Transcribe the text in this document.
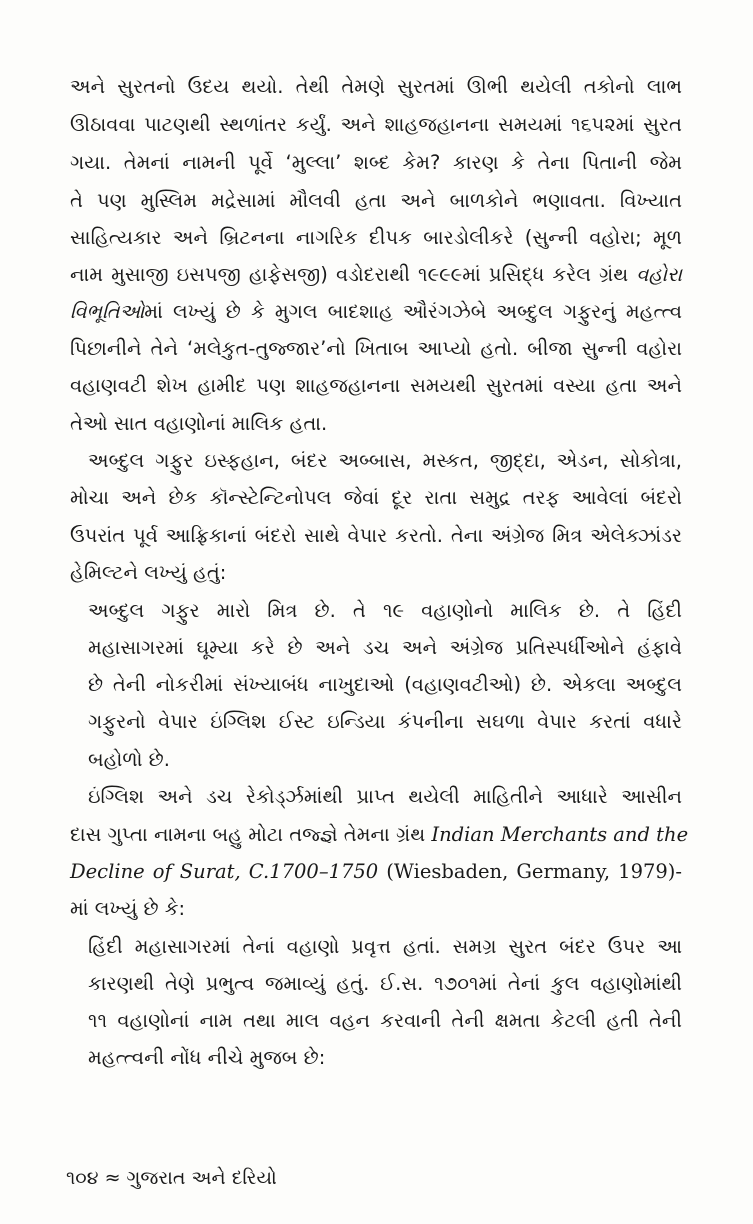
અને સુરતનો ઉદય થયો. તેથી તેમણે સુરતમાં ઊભી થયેલી તકોનો લાભ
ઊઠાવવા પાટણથી સ્થળાંતર કર્યું. અને શાહજહાનના સમયમાં ૧૬૫૨માં સુરત
ગયા. તેમનાં નામની પૂર્વે ‘મુલ્લા’ શબ્દ કેમ? કારણ કે તેના પિતાની જેમ
તે પણ મુસ્લિમ મદ્રેસામાં મૌલવી હતા અને બાળકોને ભણાવતા. વિખ્યાત
સાહિત્યકાર અને બ્રિટનના નાગરિક દીપક બારડોલીકરે (સુન્ની વહોરા; મૂળ
નામ મુસાજી ઇસપજી હાફેસજી) વડોદરાથી ૧૯૯૯માં પ્રસિદ્ધ કરેલ ગ્રંથ વહોરા
વિભૂતિઓમાં લખ્યું છે કે મુગલ બાદશાહ ઔરંગઝેબે અબ્દુલ ગફુરનું મહત્ત્વ
પિછાનીને તેને ‘મલેકુત-તુજ્જાર’નો ખિતાબ આપ્યો હતો. બીજા સુન્ની વહોરા
વહાણવટી શેખ હામીદ પણ શાહજહાનના સમયથી સુરતમાં વસ્યા હતા અને
તેઓ સાત વહાણોનાં માલિક હતા.
અબ્દુલ ગફુર ઇસ્ફહાન, બંદર અબ્બાસ, મસ્કત, જીદ્દા, એડન, સોકોત્રા,
મોચા અને છેક કૉન્સ્ટેન્ટિનોપલ જેવાં દૂર રાતા સમુદ્ર તરફ આવેલાં બંદરો
ઉપરાંત પૂર્વ આફ્રિકાનાં બંદરો સાથે વેપાર કરતો. તેના અંગ્રેજ મિત્ર એલેક્ઝાંડર
હેમિલ્ટને લખ્યું હતું:
અબ્દુલ ગફુર મારો મિત્ર છે. તે ૧૯ વહાણોનો માલિક છે. તે હિંદી
મહાસાગરમાં ઘૂમ્યા કરે છે અને ડચ અને અંગ્રેજ પ્રતિસ્પર્ધીઓને હંફાવે
છે તેની નોકરીમાં સંખ્યાબંધ નાખુદાઓ (વહાણવટીઓ) છે. એકલા અબ્દુલ
ગફુરનો વેપાર ઇંગ્લિશ ઈસ્ટ ઇન્ડિયા કંપનીના સઘળા વેપાર કરતાં વધારે
બહોળો છે.
ઇંગ્લિશ અને ડચ રેકોર્ડ્ઝમાંથી પ્રાપ્ત થયેલી માહિતીને આધારે આસીન
દાસ ગુપ્તા નામના બહુ મોટા તજ્જ્ઞે તેમના ગ્રંથ Indian Merchants and the
Decline of Surat, C.1700–1750 (Wiesbaden, Germany, 1979)-
માં લખ્યું છે કે:
હિંદી મહાસાગરમાં તેનાં વહાણો પ્રવૃત્ત હતાં. સમગ્ર સુરત બંદર ઉપર આ
કારણથી તેણે પ્રભુત્વ જમાવ્યું હતું. ઈ.સ. ૧૭૦૧માં તેનાં કુલ વહાણોમાંથી
૧૧ વહાણોનાં નામ તથા માલ વહન કરવાની તેની ક્ષમતા કેટલી હતી તેની
મહત્ત્વની નોંધ નીચે મુજબ છે:
૧૦૪ ≈ ગુજરાત અને દરિયો
